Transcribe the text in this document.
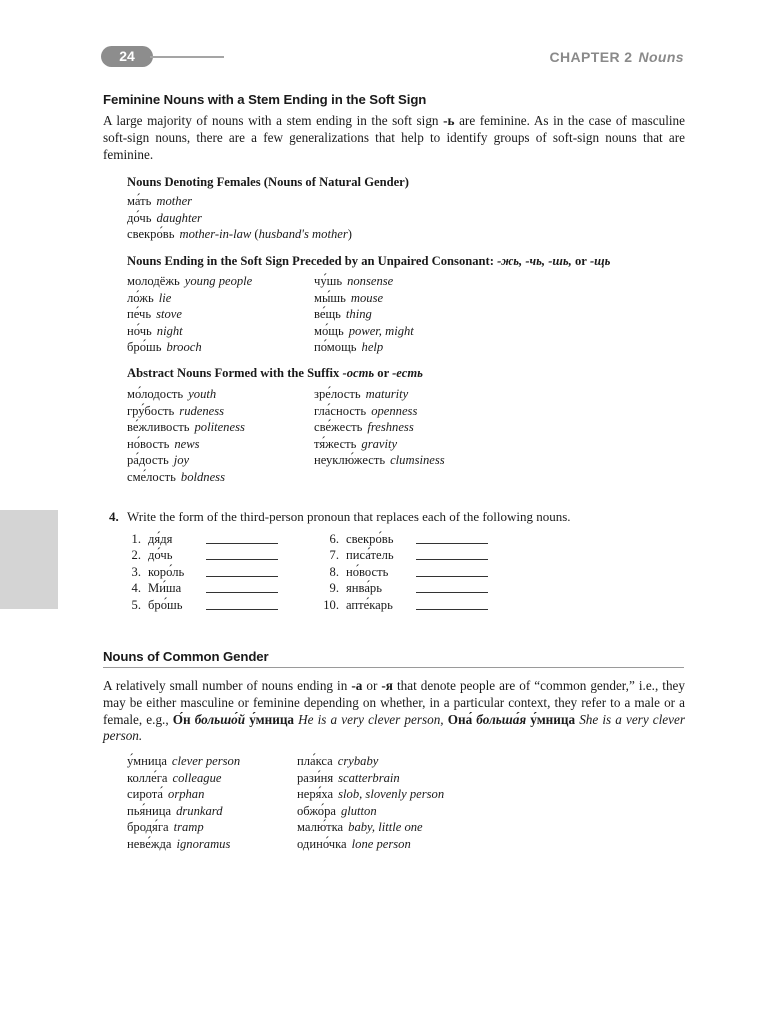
24	CHAPTER 2 Nouns
Feminine Nouns with a Stem Ending in the Soft Sign
A large majority of nouns with a stem ending in the soft sign -ь are feminine. As in the case of masculine soft-sign nouns, there are a few generalizations that help to identify groups of soft-sign nouns that are feminine.
Nouns Denoting Females (Nouns of Natural Gender)
ма́ть mother
до́чь daughter
свекро́вь mother-in-law (husband's mother)
Nouns Ending in the Soft Sign Preceded by an Unpaired Consonant: -жь, -чь, -шь, or -щь
молодёжь young people
ло́жь lie
пе́чь stove
но́чь night
бро́шь brooch
чу́шь nonsense
мы́шь mouse
ве́щь thing
мо́щь power, might
по́мощь help
Abstract Nouns Formed with the Suffix -ость or -есть
мо́лодость youth
гру́бость rudeness
ве́жливость politeness
но́вость news
ра́дость joy
сме́лость boldness
зре́лость maturity
гла́сность openness
све́жесть freshness
тя́жесть gravity
неуклю́жесть clumsiness
4. Write the form of the third-person pronoun that replaces each of the following nouns.
1. дя́дя
2. до́чь
3. коро́ль
4. Ми́ша
5. бро́шь
6. свекро́вь
7. писа́тель
8. но́вость
9. янва́рь
10. апте́карь
Nouns of Common Gender
A relatively small number of nouns ending in -а or -я that denote people are of “common gender,” i.e., they may be either masculine or feminine depending on whether, in a particular context, they refer to a male or a female, e.g., О́н большо́й у́мница He is a very clever person, Она́ больша́я у́мница She is a very clever person.
у́мница clever person
колле́га colleague
сирота́ orphan
пья́ница drunkard
бродя́га tramp
неве́жда ignoramus
пла́кса crybaby
рази́ня scatterbrain
неря́ха slob, slovenly person
обжо́ра glutton
малю́тка baby, little one
одино́чка lone person
